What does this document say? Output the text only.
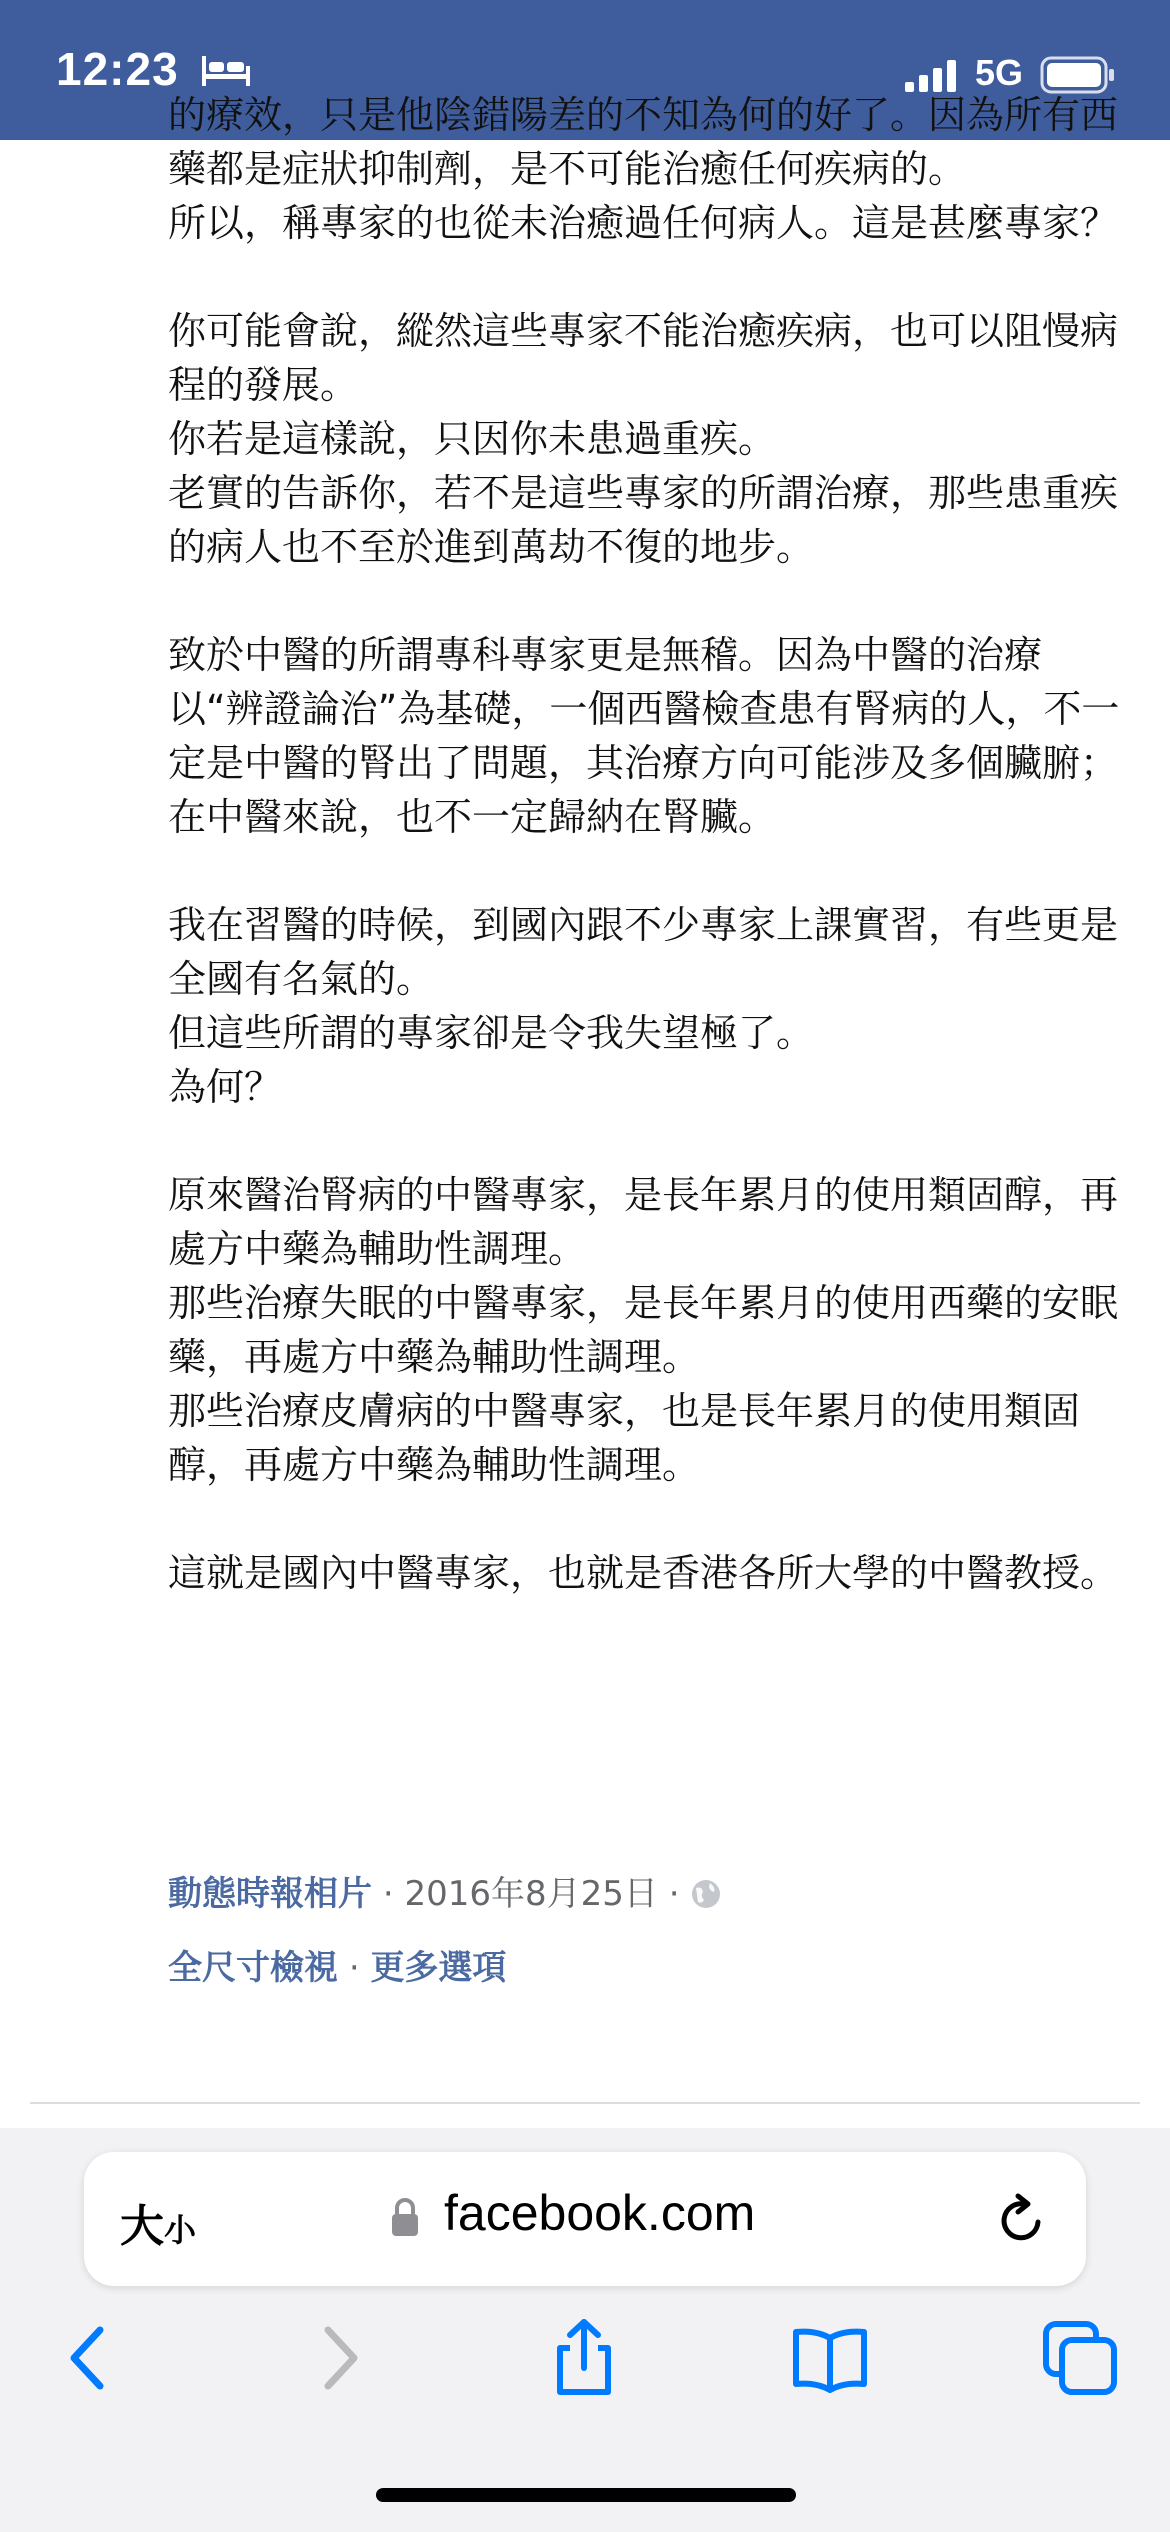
12:23	5G

的療效，只是他陰錯陽差的不知為何的好了。因為所有西藥都是症狀抑制劑，是不可能治癒任何疾病的。

所以，稱專家的也從未治癒過任何病人。這是甚麼專家？

你可能會說，縱然這些專家不能治癒疾病，也可以阻慢病程的發展。

你若是這樣說，只因你未患過重疾。

老實的告訴你，若不是這些專家的所謂治療，那些患重疾的病人也不至於進到萬劫不復的地步。

致於中醫的所謂專科專家更是無稽。因為中醫的治療以“辨證論治”為基礎，一個西醫檢查患有腎病的人，不一定是中醫的腎出了問題，其治療方向可能涉及多個臟腑；在中醫來說，也不一定歸納在腎臟。

我在習醫的時候，到國內跟不少專家上課實習，有些更是全國有名氣的。

但這些所謂的專家卻是令我失望極了。

為何？

原來醫治腎病的中醫專家，是長年累月的使用類固醇，再處方中藥為輔助性調理。

那些治療失眠的中醫專家，是長年累月的使用西藥的安眠藥，再處方中藥為輔助性調理。

那些治療皮膚病的中醫專家，也是長年累月的使用類固醇，再處方中藥為輔助性調理。

這就是國內中醫專家，也就是香港各所大學的中醫教授。

動態時報相片 · 2016年8月25日 ·
全尺寸檢視 · 更多選項
大小	facebook.com
